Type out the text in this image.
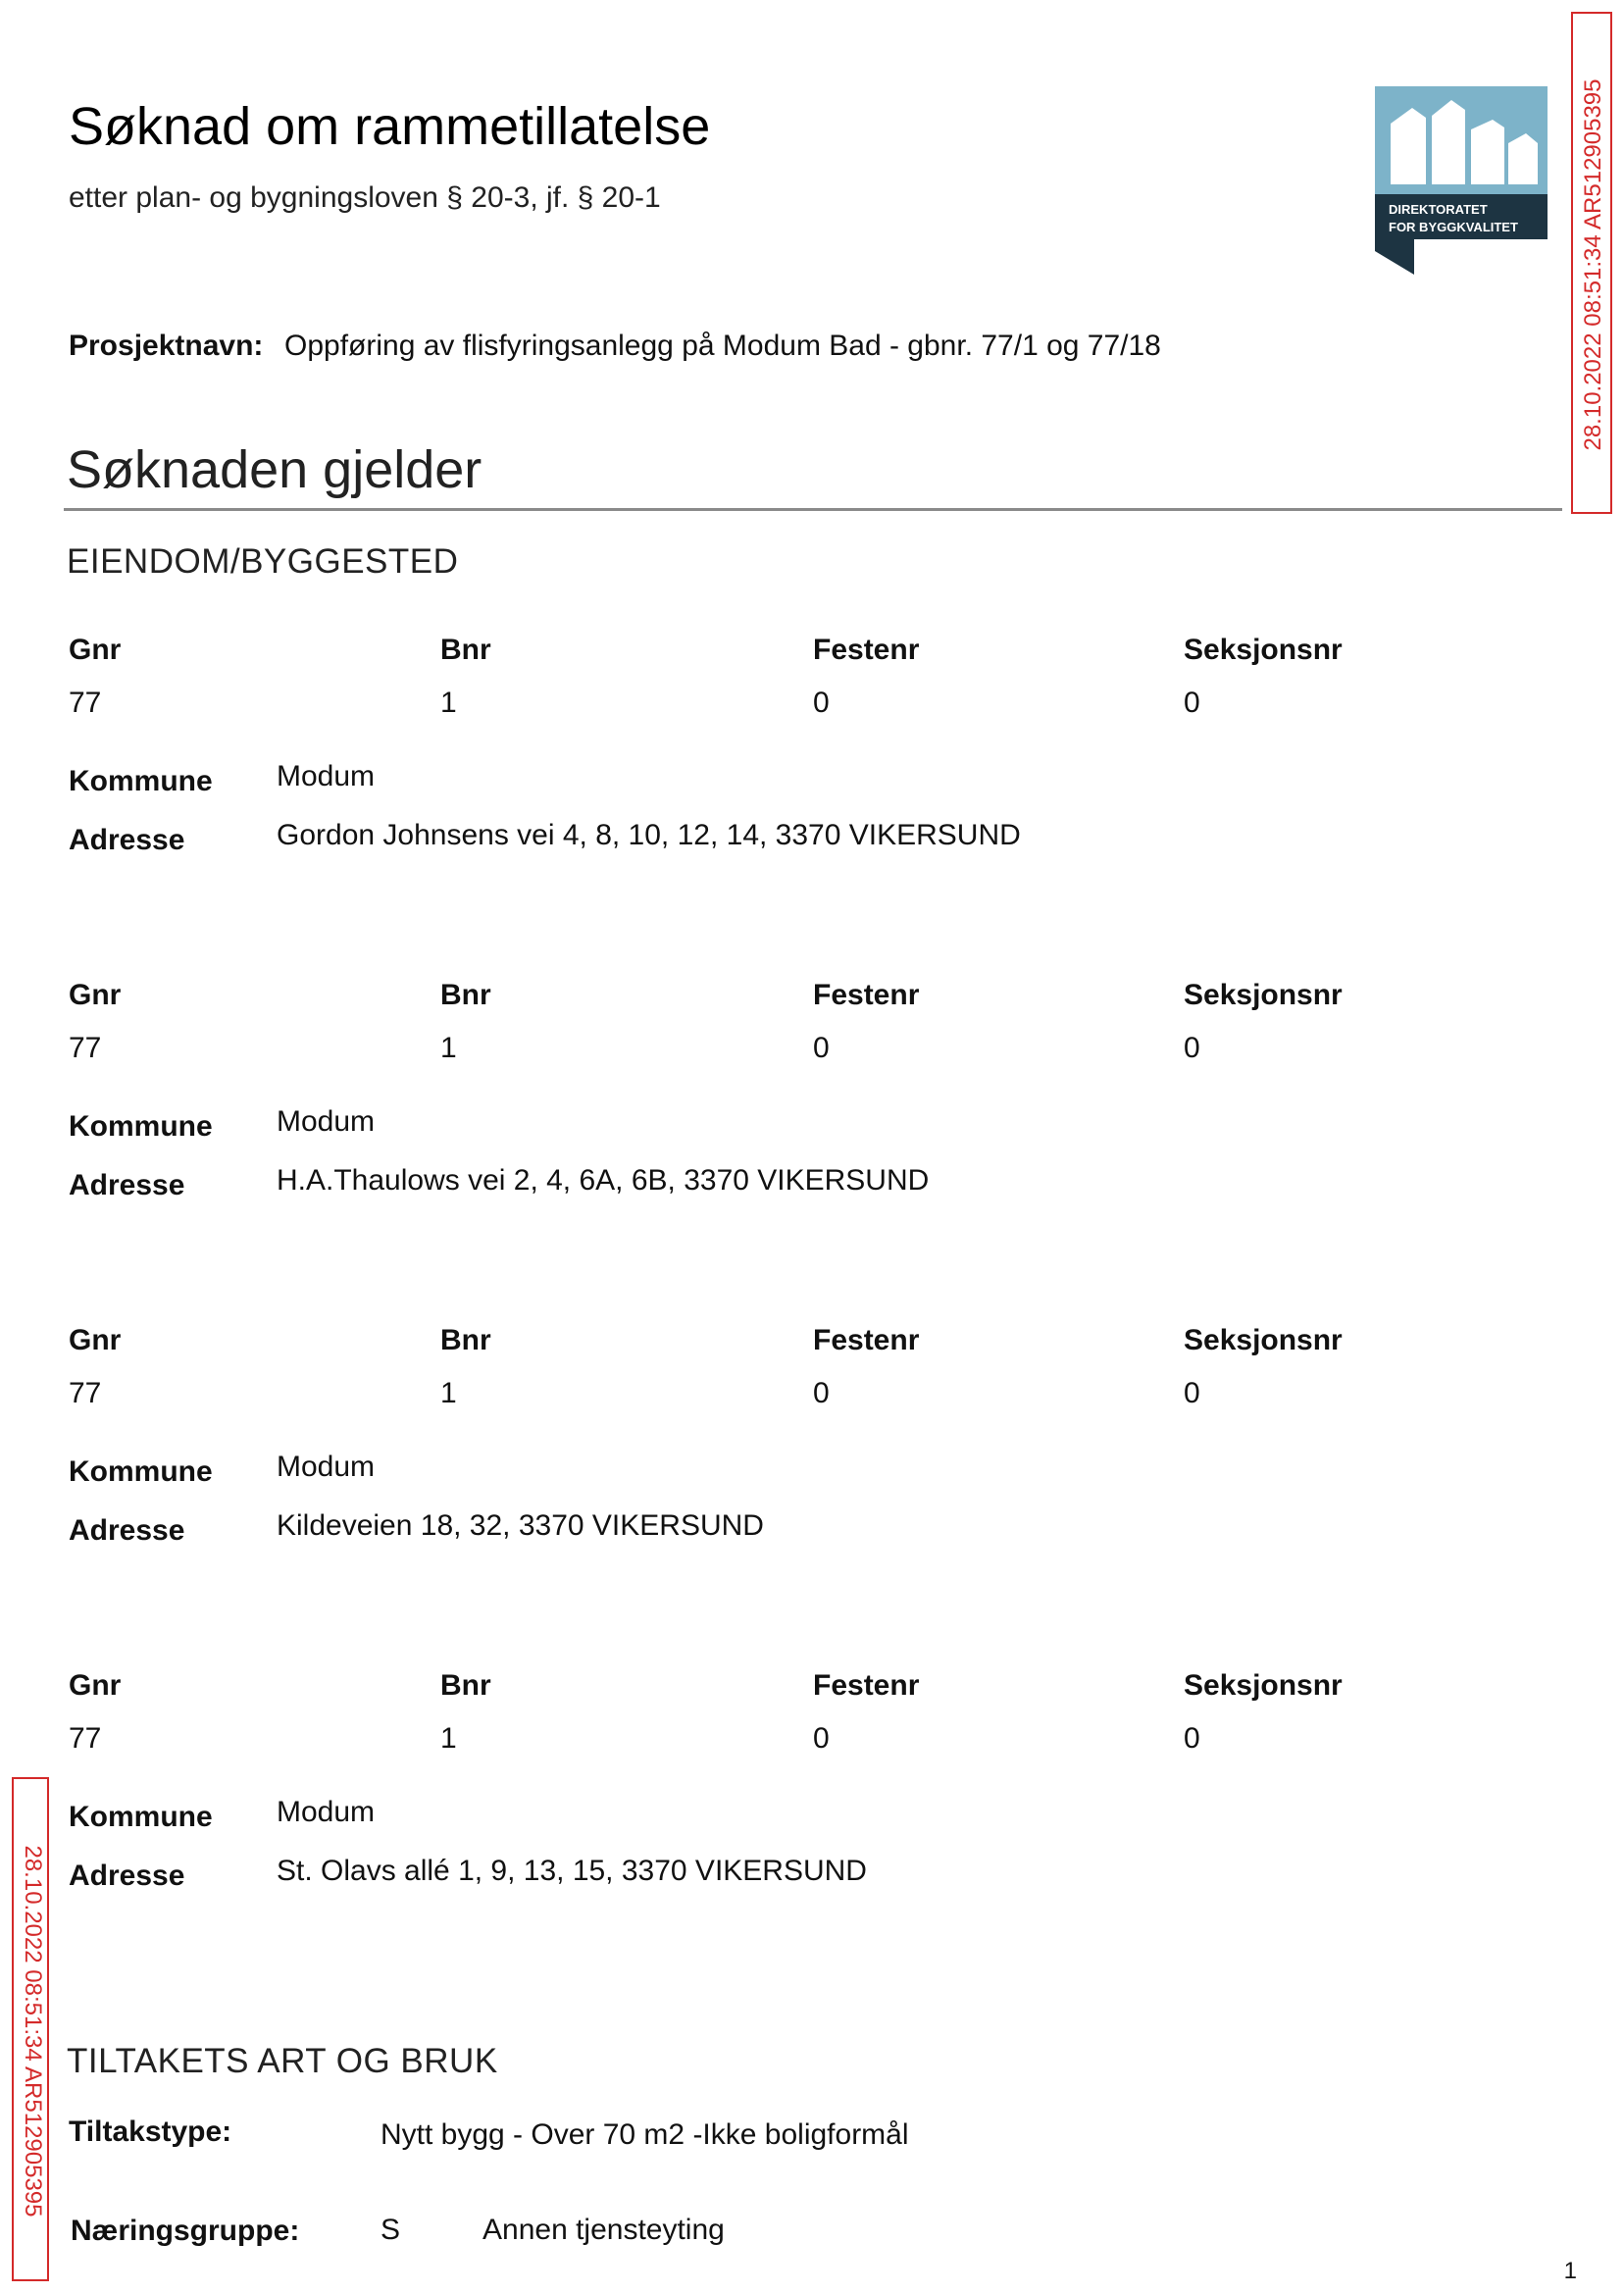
Søknad om rammetillatelse
etter plan- og bygningsloven § 20-3, jf. § 20-1	DIREKTORATET
FOR BYGGKVALITET	28.10.2022 08:51:34 AR512905395
Prosjektnavn: Oppføring av flisfyringsanlegg på Modum Bad - gbnr. 77/1 og 77/18
Søknaden gjelder
EIENDOM/BYGGESTED
Gnr	Bnr	Festenr	Seksjonsnr
77	1	0	0
Kommune Modum
Adresse	Gordon Johnsens vei 4, 8, 10, 12, 14, 3370 VIKERSUND
Gnr	Bnr	Festenr	Seksjonsnr
77	1	0	0
Kommune Modum
Adresse	H.A.Thaulows vei 2, 4, 6A, 6B, 3370 VIKERSUND
Gnr	Bnr	Festenr	Seksjonsnr
77	1	0	0
Kommune Modum
Adresse	Kildeveien 18, 32, 3370 VIKERSUND
Gnr	Bnr	Festenr	Seksjonsnr
77	1	0	0
Kommune Modum
Adresse	St. Olavs allé 1, 9, 13, 15, 3370 VIKERSUND
28.10.2022 08:51:34 AR512905395 TILTAKETS ART OG BRUK
Tiltakstype:	Nytt bygg - Over 70 m2 -Ikke boligformål
Næringsgruppe:	S	Annen tjensteyting
1
